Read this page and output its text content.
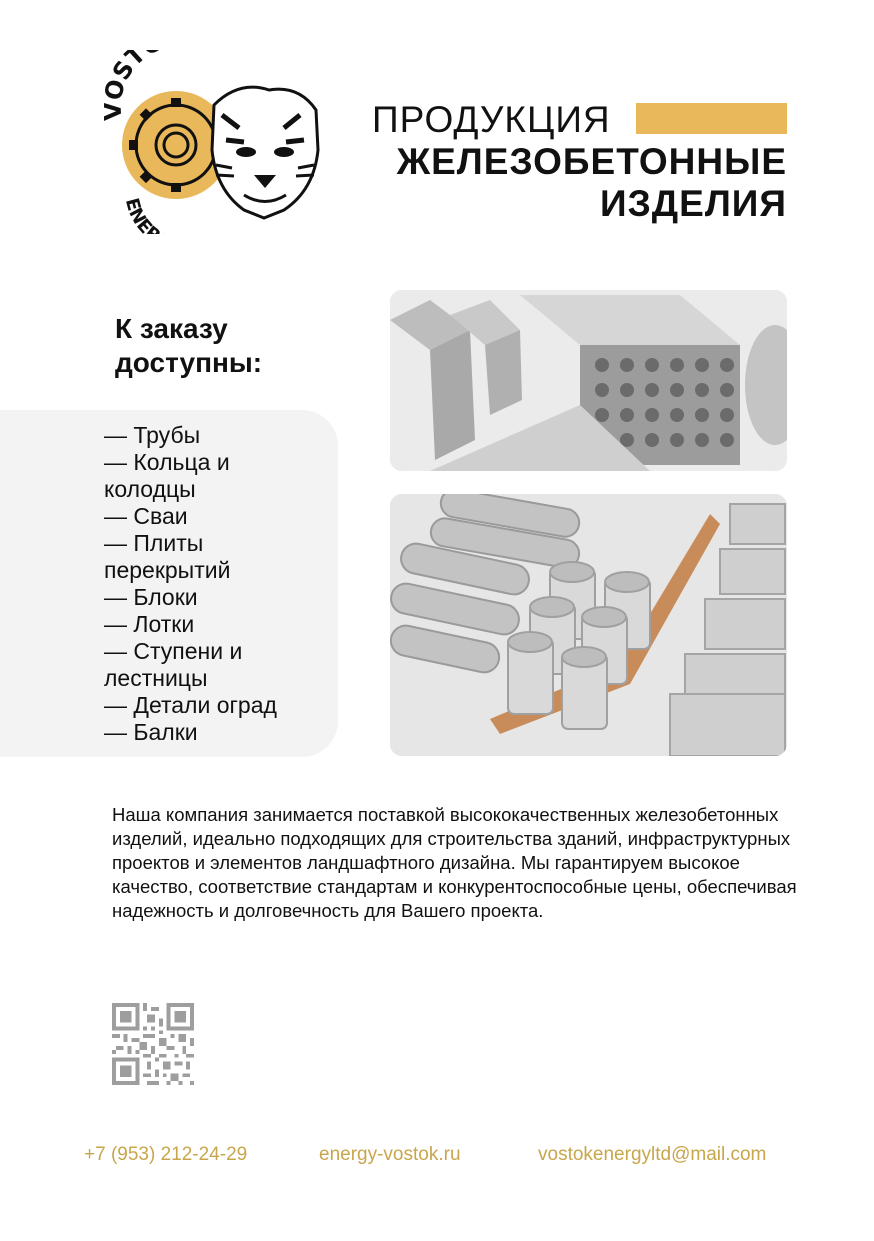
ST
ENE
ПРОДУКЦИЯ
ЖЕЛЕЗОБЕТОННЫЕ
ИЗДЕЛИЯ
К заказу
доступны:
— Трубы
— Кольца и колодцы
— Сваи
— Плиты перекрытий
— Блоки
— Лотки
— Ступени и лестницы
— Детали оград
— Балки
Наша компания занимается поставкой высококачественных железобетонных изделий, идеально подходящих для строительства зданий, инфраструктурных проектов и элементов ландшафтного дизайна. Мы гарантируем высокое качество, соответствие стандартам и конкурентоспособные цены, обеспечивая надежность и долговечность для Вашего проекта.
+7 (953) 212-24-29	energy-vostok.ru	vostokenergyltd@mail.com
